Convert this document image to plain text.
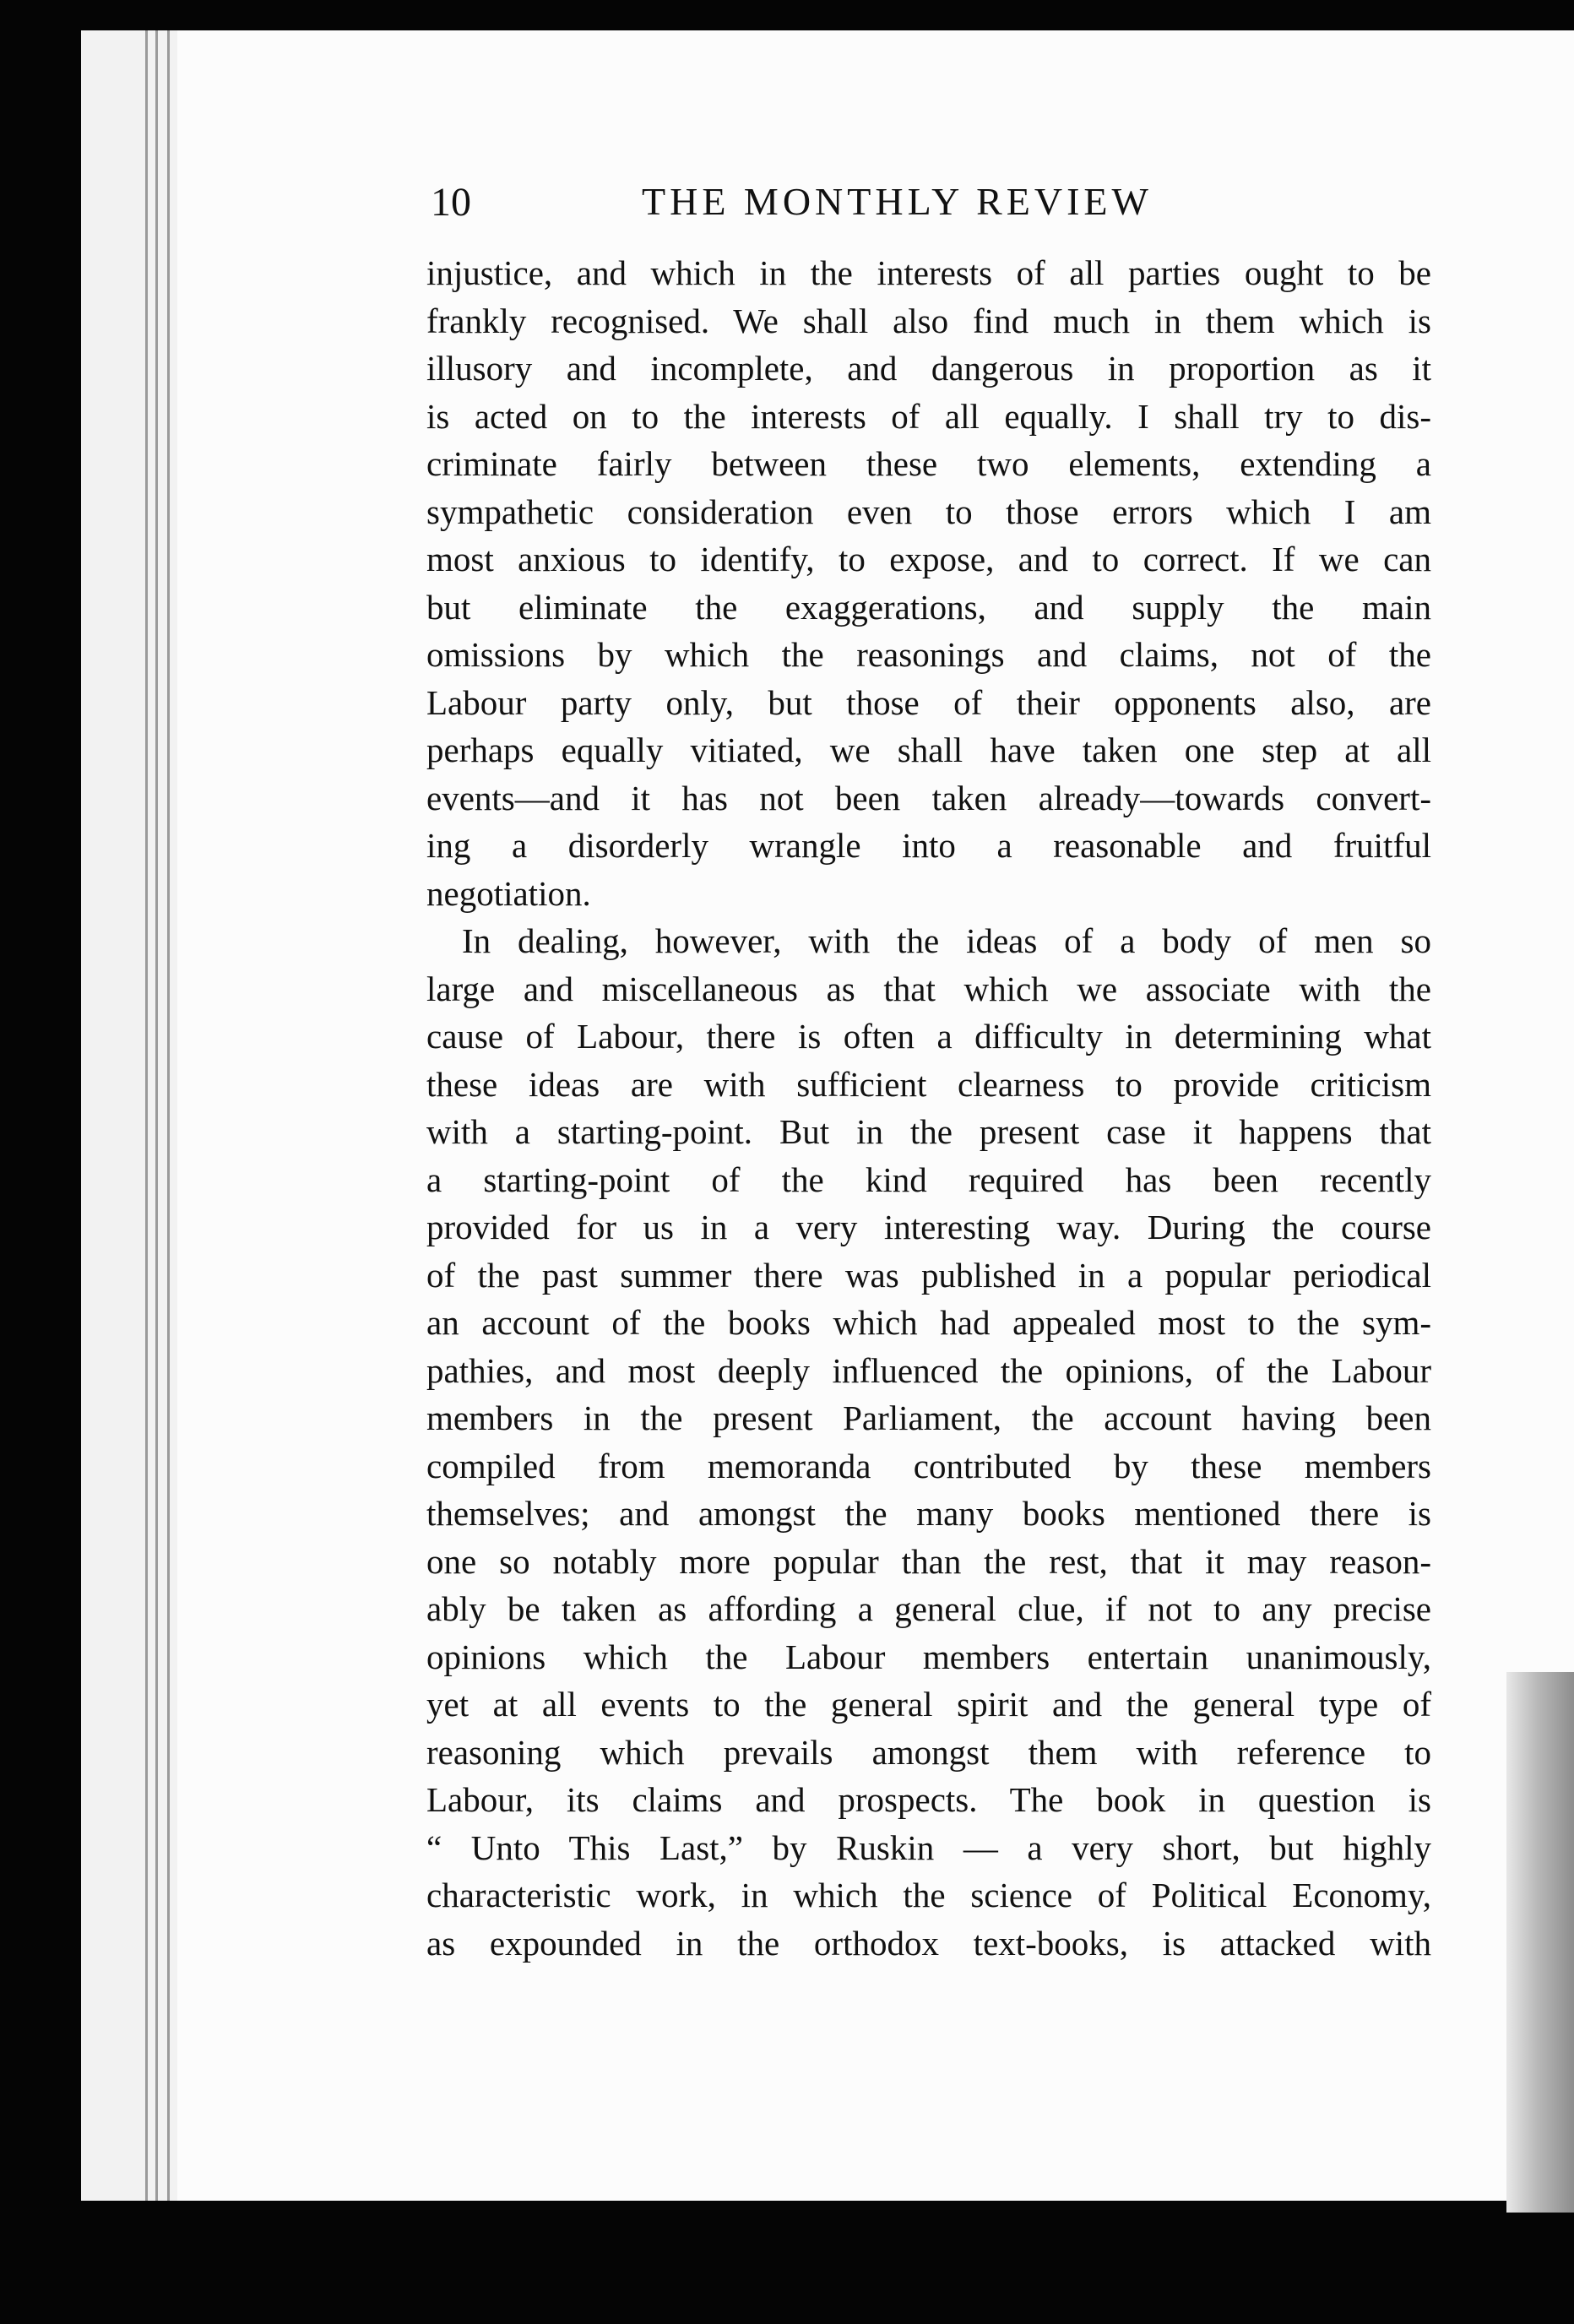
10	THE MONTHLY REVIEW
injustice, and which in the interests of all parties ought to be
frankly recognised. We shall also find much in them which is
illusory and incomplete, and dangerous in proportion as it
is acted on to the interests of all equally. I shall try to dis-
criminate fairly between these two elements, extending a
sympathetic consideration even to those errors which I am
most anxious to identify, to expose, and to correct. If we can
but eliminate the exaggerations, and supply the main
omissions by which the reasonings and claims, not of the
Labour party only, but those of their opponents also, are
perhaps equally vitiated, we shall have taken one step at all
events—and it has not been taken already—towards convert-
ing a disorderly wrangle into a reasonable and fruitful
negotiation.
In dealing, however, with the ideas of a body of men so
large and miscellaneous as that which we associate with the
cause of Labour, there is often a difficulty in determining what
these ideas are with sufficient clearness to provide criticism
with a starting-point. But in the present case it happens that
a starting-point of the kind required has been recently
provided for us in a very interesting way. During the course
of the past summer there was published in a popular periodical
an account of the books which had appealed most to the sym-
pathies, and most deeply influenced the opinions, of the Labour
members in the present Parliament, the account having been
compiled from memoranda contributed by these members
themselves; and amongst the many books mentioned there is
one so notably more popular than the rest, that it may reason-
ably be taken as affording a general clue, if not to any precise
opinions which the Labour members entertain unanimously,
yet at all events to the general spirit and the general type of
reasoning which prevails amongst them with reference to
Labour, its claims and prospects. The book in question is
“ Unto This Last,” by Ruskin — a very short, but highly
characteristic work, in which the science of Political Economy,
as expounded in the orthodox text-books, is attacked with
